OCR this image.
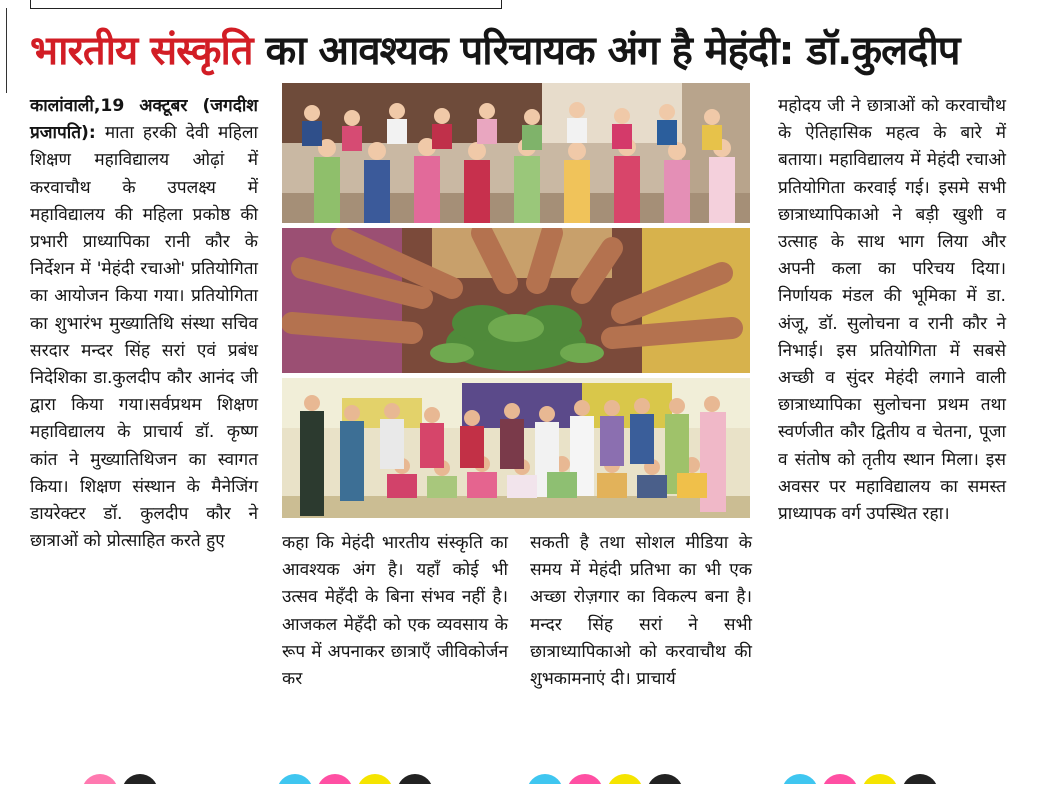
भारतीय संस्कृति का आवश्यक परिचायक अंग है मेहंदी: डॉ.कुलदीप

कालांवाली,19 अक्टूबर (जगदीश प्रजापति): माता हरकी देवी महिला शिक्षण महाविद्यालय ओढ़ां में करवाचौथ के उपलक्ष्य में महाविद्यालय की महिला प्रकोष्ठ की प्रभारी प्राध्यापिका रानी कौर के निर्देशन में 'मेहंदी रचाओ' प्रतियोगिता का आयोजन किया गया। प्रतियोगिता का शुभारंभ मुख्यातिथि संस्था सचिव सरदार मन्दर सिंह सरां एवं प्रबंध निदेशिका डा.कुलदीप कौर आनंद जी द्वारा किया गया।सर्वप्रथम शिक्षण महाविद्यालय के प्राचार्य डॉ. कृष्ण कांत ने मुख्यातिथिजन का स्वागत किया। शिक्षण संस्थान के मैनेजिंग डायरेक्टर डॉ. कुलदीप कौर ने छात्राओं को प्रोत्साहित करते हुए	कहा कि मेहंदी भारतीय संस्कृति का आवश्यक अंग है। यहाँ कोई भी उत्सव मेहँदी के बिना संभव नहीं है। आजकल मेहँदी को एक व्यवसाय के रूप में अपनाकर छात्राएँ जीविकोर्जन कर

सकती है तथा सोशल मीडिया के समय में मेहंदी प्रतिभा का भी एक अच्छा रोज़गार का विकल्प बना है। मन्दर सिंह सरां ने सभी छात्राध्यापिकाओ को करवाचौथ की शुभकामनाएं दी। प्राचार्य

महोदय जी ने छात्राओं को करवाचौथ के ऐतिहासिक महत्व के बारे में बताया। महाविद्यालय में मेहंदी रचाओ प्रतियोगिता करवाई गई। इसमे सभी छात्राध्यापिकाओ ने बड़ी खुशी व उत्साह के साथ भाग लिया और अपनी कला का परिचय दिया। निर्णायक मंडल की भूमिका में डा. अंजू, डॉ. सुलोचना व रानी कौर ने निभाई। इस प्रतियोगिता में सबसे अच्छी व सुंदर मेहंदी लगाने वाली छात्राध्यापिका सुलोचना प्रथम तथा स्वर्णजीत कौर द्वितीय व चेतना, पूजा व संतोष को तृतीय स्थान मिला। इस अवसर पर महाविद्यालय का समस्त प्राध्यापक वर्ग उपस्थित रहा।
